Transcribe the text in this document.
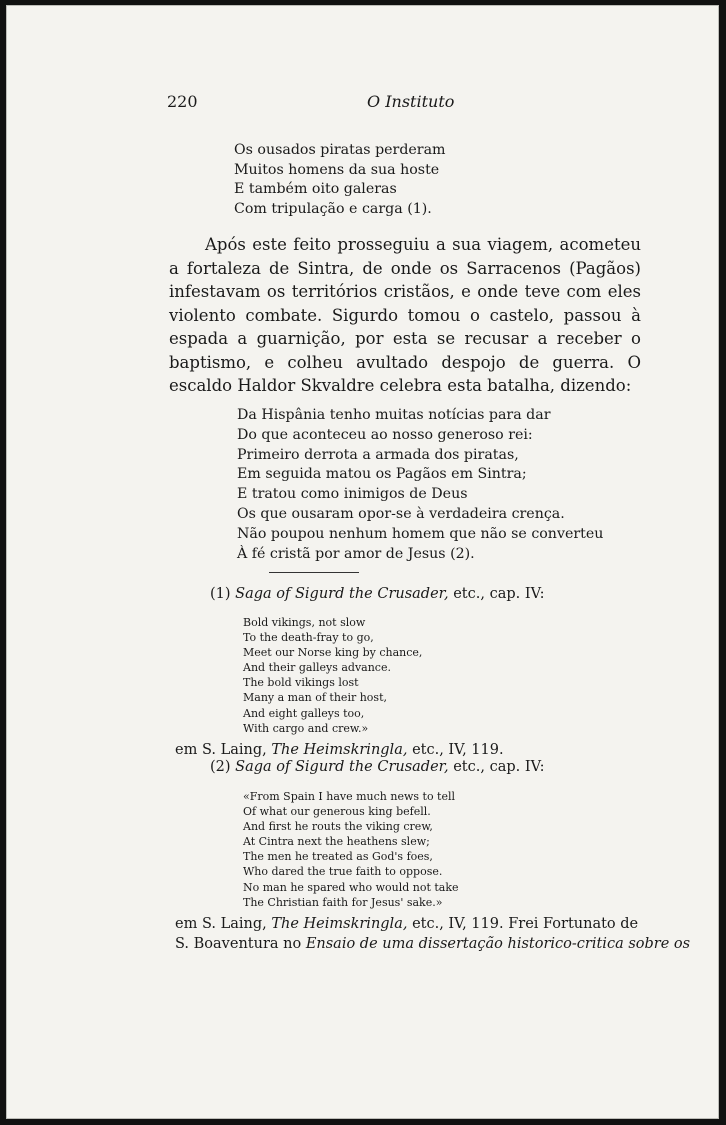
220	O Instituto
Os ousados piratas perderam
Muitos homens da sua hoste
E também oito galeras
Com tripulação e carga (1).

Após este feito prosseguiu a sua viagem, acometeu a fortaleza de Sintra, de onde os Sarracenos (Pagãos) infestavam os territórios cristãos, e onde teve com eles violento combate. Sigurdo tomou o castelo, passou à espada a guarnição, por esta se recusar a receber o baptismo, e colheu avultado despojo de guerra. O escaldo Haldor Skvaldre celebra esta batalha, dizendo:

Da Hispânia tenho muitas notícias para dar
Do que aconteceu ao nosso generoso rei:
Primeiro derrota a armada dos piratas,
Em seguida matou os Pagãos em Sintra;
E tratou como inimigos de Deus
Os que ousaram opor-se à verdadeira crença.
Não poupou nenhum homem que não se converteu
À fé cristã por amor de Jesus (2).
(1) Saga of Sigurd the Crusader, etc., cap. IV:
Bold vikings, not slow
To the death-fray to go,
Meet our Norse king by chance,
And their galleys advance.
The bold vikings lost
Many a man of their host,
And eight galleys too,
With cargo and crew.»
em S. Laing, The Heimskringla, etc., IV, 119.
(2) Saga of Sigurd the Crusader, etc., cap. IV:
«From Spain I have much news to tell
Of what our generous king befell.
And first he routs the viking crew,
At Cintra next the heathens slew;
The men he treated as God's foes,
Who dared the true faith to oppose.
No man he spared who would not take
The Christian faith for Jesus' sake.»
em S. Laing, The Heimskringla, etc., IV, 119. Frei Fortunato de
S. Boaventura no Ensaio de uma dissertação historico-critica sobre os
